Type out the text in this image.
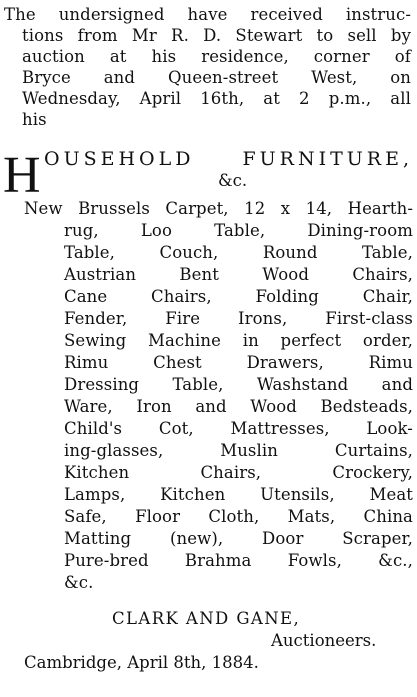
The undersigned have received instruc-
tions from Mr R. D. Stewart to sell by
auction at his residence, corner of
Bryce and Queen-street West, on
Wednesday, April 16th, at 2 p.m., all
his
H OUSEHOLD FURNITURE,
&c.
New Brussels Carpet, 12 x 14, Hearth-
rug, Loo Table, Dining-room
Table, Couch, Round Table,
Austrian Bent Wood Chairs,
Cane Chairs, Folding Chair,
Fender, Fire Irons, First-class
Sewing Machine in perfect order,
Rimu Chest Drawers, Rimu
Dressing Table, Washstand and
Ware, Iron and Wood Bedsteads,
Child's Cot, Mattresses, Look-
ing-glasses, Muslin Curtains,
Kitchen Chairs, Crockery,
Lamps, Kitchen Utensils, Meat
Safe, Floor Cloth, Mats, China
Matting (new), Door Scraper,
Pure-bred Brahma Fowls, &c.,
&c.
CLARK AND GANE,
Auctioneers.
Cambridge, April 8th, 1884.
